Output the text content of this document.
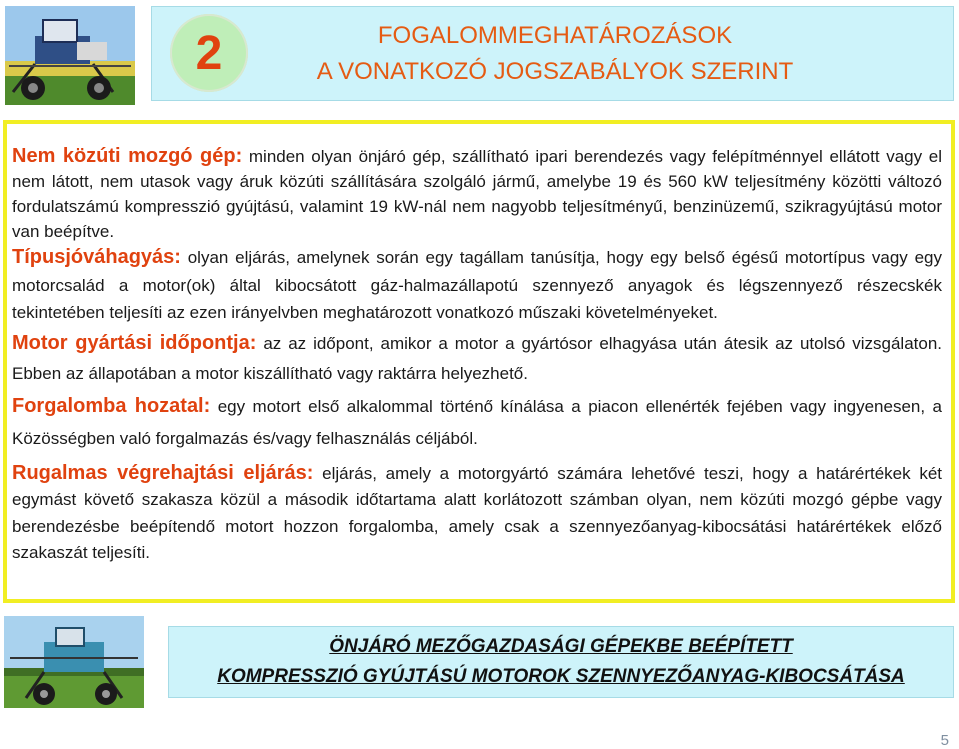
2	FOGALOMMEGHATÁROZÁSOK
A VONATKOZÓ JOGSZABÁLYOK SZERINT

Nem közúti mozgó gép: minden olyan önjáró gép, szállítható ipari berendezés vagy felépítménnyel ellátott vagy el nem látott, nem utasok vagy áruk közúti szállítására szolgáló jármű, amelybe 19 és 560 kW teljesítmény közötti változó fordulatszámú kompresszió gyújtású, valamint 19 kW-nál nem nagyobb teljesítményű, benzinüzemű, szikragyújtású motor van beépítve.

Típusjóváhagyás: olyan eljárás, amelynek során egy tagállam tanúsítja, hogy egy belső égésű motortípus vagy egy motorcsalád a motor(ok) által kibocsátott gáz-halmazállapotú szennyező anyagok és légszennyező részecskék tekintetében teljesíti az ezen irányelvben meghatározott vonatkozó műszaki követelményeket.

Motor gyártási időpontja: az az időpont, amikor a motor a gyártósor elhagyása után átesik az utolsó vizsgálaton. Ebben az állapotában a motor kiszállítható vagy raktárra helyezhető.

Forgalomba hozatal: egy motort első alkalommal történő kínálása a piacon ellenérték fejében vagy ingyenesen, a Közösségben való forgalmazás és/vagy felhasználás céljából.

Rugalmas végrehajtási eljárás: eljárás, amely a motorgyártó számára lehetővé teszi, hogy a határértékek két egymást követő szakasza közül a második időtartama alatt korlátozott számban olyan, nem közúti mozgó gépbe vagy berendezésbe beépítendő motort hozzon forgalomba, amely csak a szennyezőanyag-kibocsátási határértékek előző szakaszát teljesíti.

ÖNJÁRÓ MEZŐGAZDASÁGI GÉPEKBE BEÉPÍTETT
KOMPRESSZIÓ GYÚJTÁSÚ MOTOROK SZENNYEZŐANYAG-KIBOCSÁTÁSA
5
